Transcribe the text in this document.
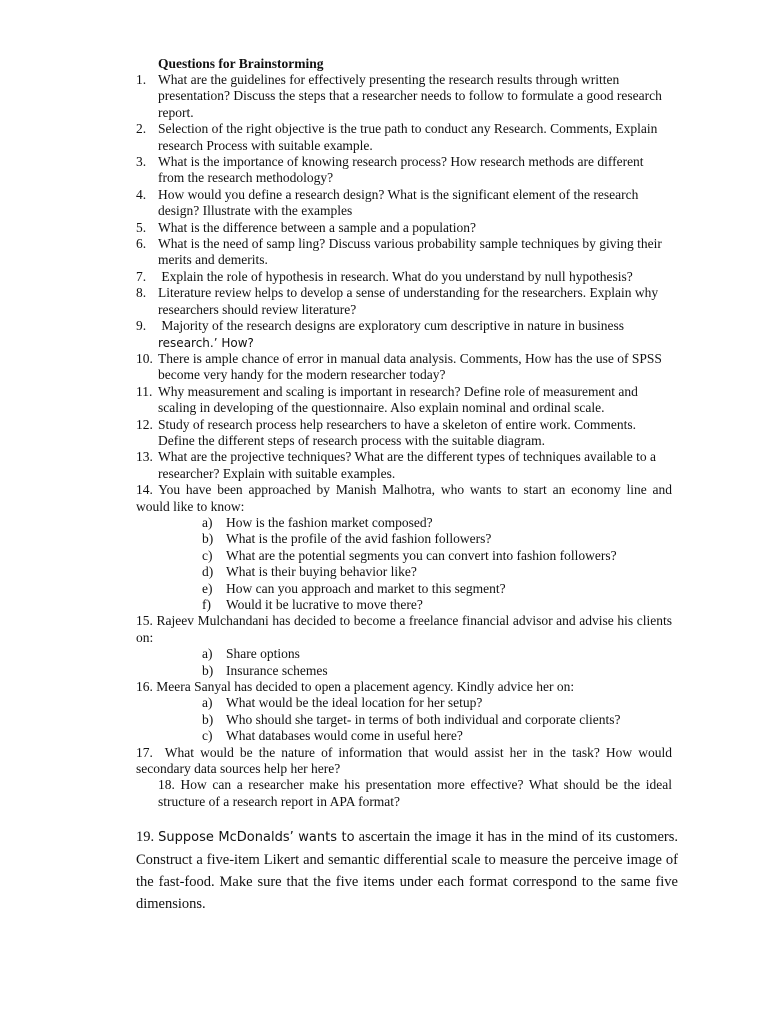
Questions for Brainstorming
1. What are the guidelines for effectively presenting the research results through written presentation? Discuss the steps that a researcher needs to follow to formulate a good research report.
2. Selection of the right objective is the true path to conduct any Research. Comments, Explain research Process with suitable example.
3. What is the importance of knowing research process? How research methods are different from the research methodology?
4. How would you define a research design? What is the significant element of the research design? Illustrate with the examples
5. What is the difference between a sample and a population?
6. What is the need of samp ling? Discuss various probability sample techniques by giving their merits and demerits.
7. Explain the role of hypothesis in research. What do you understand by null hypothesis?
8. Literature review helps to develop a sense of understanding for the researchers. Explain why researchers should review literature?
9. Majority of the research designs are exploratory cum descriptive in nature in business research.’ How?
10. There is ample chance of error in manual data analysis. Comments, How has the use of SPSS become very handy for the modern researcher today?
11. Why measurement and scaling is important in research? Define role of measurement and scaling in developing of the questionnaire. Also explain nominal and ordinal scale.
12. Study of research process help researchers to have a skeleton of entire work. Comments. Define the different steps of research process with the suitable diagram.
13. What are the projective techniques? What are the different types of techniques available to a researcher? Explain with suitable examples.
14. You have been approached by Manish Malhotra, who wants to start an economy line and would like to know:
a)	How is the fashion market composed?
b) What is the profile of the avid fashion followers?
c)	What are the potential segments you can convert into fashion followers?
d) What is their buying behavior like?
e)	How can you approach and market to this segment?
f)	Would it be lucrative to move there?
15. Rajeev Mulchandani has decided to become a freelance financial advisor and advise his clients on:
a)	Share options
b) Insurance schemes
16. Meera Sanyal has decided to open a placement agency. Kindly advice her on:
a)	What would be the ideal location for her setup?
b) Who should she target- in terms of both individual and corporate clients?
c)	What databases would come in useful here?
17.  What would be the nature of information that would assist her in the task? How would secondary data sources help her here?
18. How can a researcher make his presentation more effective? What should be the ideal structure of a research report in APA format?
19. Suppose McDonalds’ wants to ascertain the image it has in the mind of its customers. Construct a five-item Likert and semantic differential scale to measure the perceive image of the fast-food. Make sure that the five items under each format correspond to the same five dimensions.
